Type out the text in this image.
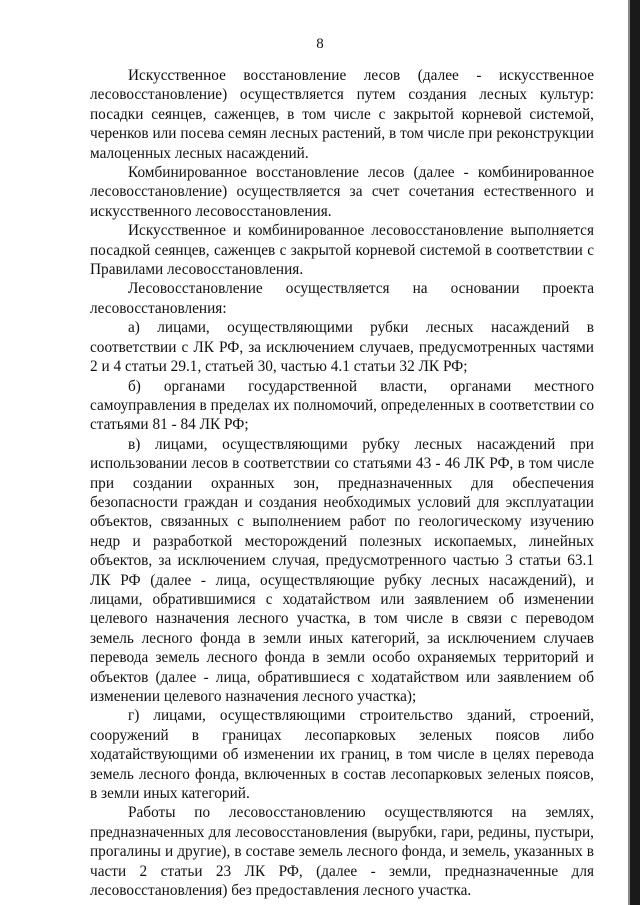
8

Искусственное восстановление лесов (далее - искусственное лесовосстановление) осуществляется путем создания лесных культур: посадки сеянцев, саженцев, в том числе с закрытой корневой системой, черенков или посева семян лесных растений, в том числе при реконструкции малоценных лесных насаждений.

Комбинированное восстановление лесов (далее - комбинированное лесовосстановление) осуществляется за счет сочетания естественного и искусственного лесовосстановления.

Искусственное и комбинированное лесовосстановление выполняется посадкой сеянцев, саженцев с закрытой корневой системой в соответствии с Правилами лесовосстановления.

Лесовосстановление осуществляется на основании проекта лесовосстановления:

а) лицами, осуществляющими рубки лесных насаждений в соответствии с ЛК РФ, за исключением случаев, предусмотренных частями 2 и 4 статьи 29.1, статьей 30, частью 4.1 статьи 32 ЛК РФ;

б) органами государственной власти, органами местного самоуправления в пределах их полномочий, определенных в соответствии со статьями 81 - 84 ЛК РФ;

в) лицами, осуществляющими рубку лесных насаждений при использовании лесов в соответствии со статьями 43 - 46 ЛК РФ, в том числе при создании охранных зон, предназначенных для обеспечения безопасности граждан и создания необходимых условий для эксплуатации объектов, связанных с выполнением работ по геологическому изучению недр и разработкой месторождений полезных ископаемых, линейных объектов, за исключением случая, предусмотренного частью 3 статьи 63.1 ЛК РФ (далее - лица, осуществляющие рубку лесных насаждений), и лицами, обратившимися с ходатайством или заявлением об изменении целевого назначения лесного участка, в том числе в связи с переводом земель лесного фонда в земли иных категорий, за исключением случаев перевода земель лесного фонда в земли особо охраняемых территорий и объектов (далее - лица, обратившиеся с ходатайством или заявлением об изменении целевого назначения лесного участка);

г) лицами, осуществляющими строительство зданий, строений, сооружений в границах лесопарковых зеленых поясов либо ходатайствующими об изменении их границ, в том числе в целях перевода земель лесного фонда, включенных в состав лесопарковых зеленых поясов, в земли иных категорий.

Работы по лесовосстановлению осуществляются на землях, предназначенных для лесовосстановления (вырубки, гари, редины, пустыри, прогалины и другие), в составе земель лесного фонда, и земель, указанных в части 2 статьи 23 ЛК РФ, (далее - земли, предназначенные для лесовосстановления) без предоставления лесного участка.
